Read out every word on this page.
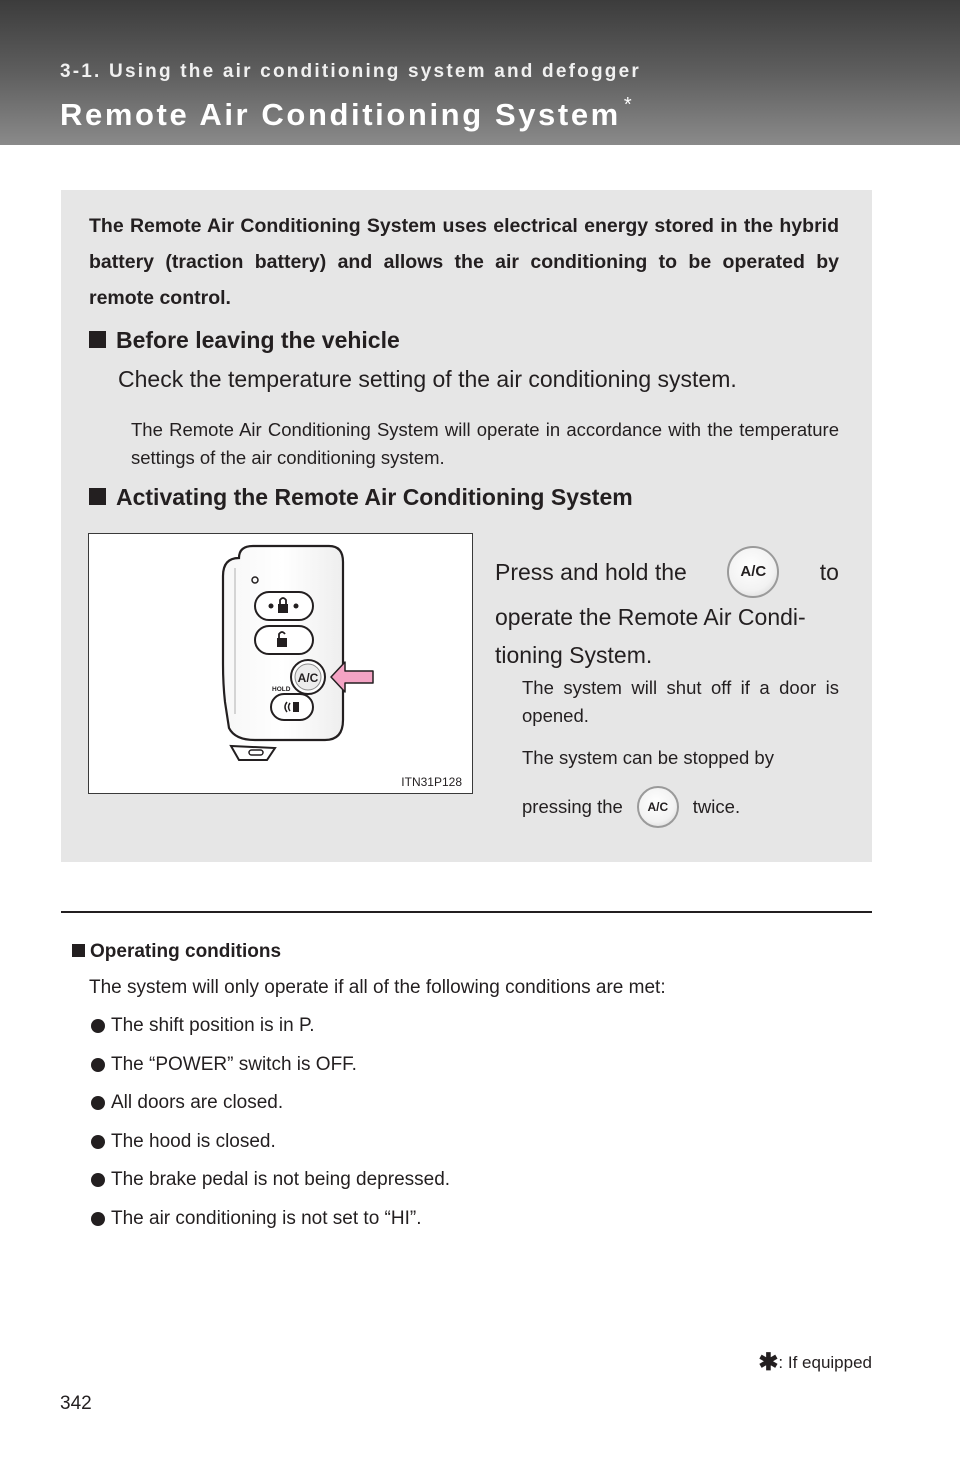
3-1. Using the air conditioning system and defogger
Remote Air Conditioning System *
The Remote Air Conditioning System uses electrical energy stored in the hybrid battery (traction battery) and allows the air conditioning to be operated by remote control.
Before leaving the vehicle
Check the temperature setting of the air conditioning system.
The Remote Air Conditioning System will operate in accordance with the temperature settings of the air conditioning system.
Activating the Remote Air Conditioning System
A/C
HOLD
ITN31P128
Press and hold the	A/C	to
operate the Remote Air Condi-
tioning System.
The system will shut off if a door is opened.
The system can be stopped by
pressing the	A/C	twice.
Operating conditions
The system will only operate if all of the following conditions are met:
The shift position is in P.
The “POWER” switch is OFF.
All doors are closed.
The hood is closed.
The brake pedal is not being depressed.
The air conditioning is not set to “HI”.
✱: If equipped
342
